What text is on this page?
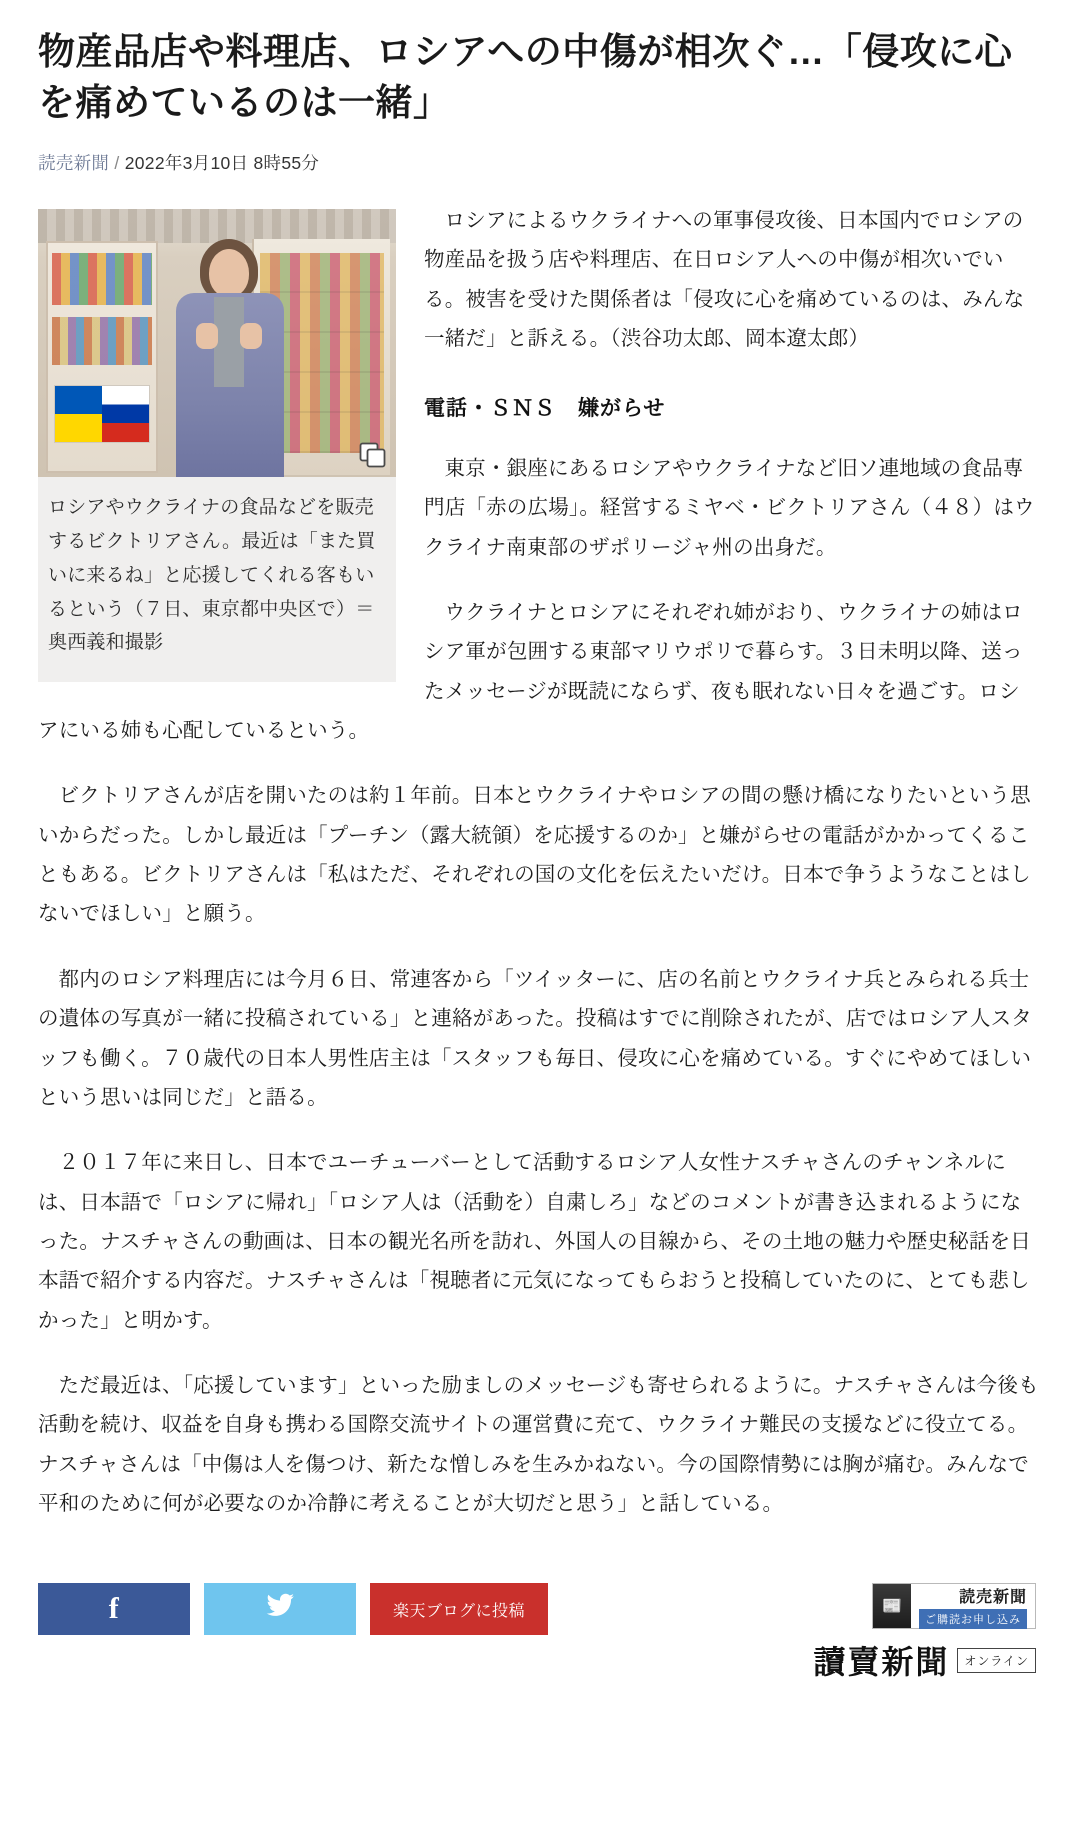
物産品店や料理店、ロシアへの中傷が相次ぐ…「侵攻に心を痛めているのは一緒」
読売新聞 / 2022年3月10日 8時55分
ロシアやウクライナの食品などを販売するビクトリアさん。最近は「また買いに来るね」と応援してくれる客もいるという（７日、東京都中央区で）＝奥西義和撮影

ロシアによるウクライナへの軍事侵攻後、日本国内でロシアの物産品を扱う店や料理店、在日ロシア人への中傷が相次いでいる。被害を受けた関係者は「侵攻に心を痛めているのは、みんな一緒だ」と訴える。（渋谷功太郎、岡本遼太郎）

電話・ＳＮＳ　嫌がらせ

東京・銀座にあるロシアやウクライナなど旧ソ連地域の食品専門店「赤の広場」。経営するミヤベ・ビクトリアさん（４８）はウクライナ南東部のザポリージャ州の出身だ。

ウクライナとロシアにそれぞれ姉がおり、ウクライナの姉はロシア軍が包囲する東部マリウポリで暮らす。３日未明以降、送ったメッセージが既読にならず、夜も眠れない日々を過ごす。ロシアにいる姉も心配しているという。

ビクトリアさんが店を開いたのは約１年前。日本とウクライナやロシアの間の懸け橋になりたいという思いからだった。しかし最近は「プーチン（露大統領）を応援するのか」と嫌がらせの電話がかかってくることもある。ビクトリアさんは「私はただ、それぞれの国の文化を伝えたいだけ。日本で争うようなことはしないでほしい」と願う。

都内のロシア料理店には今月６日、常連客から「ツイッターに、店の名前とウクライナ兵とみられる兵士の遺体の写真が一緒に投稿されている」と連絡があった。投稿はすでに削除されたが、店ではロシア人スタッフも働く。７０歳代の日本人男性店主は「スタッフも毎日、侵攻に心を痛めている。すぐにやめてほしいという思いは同じだ」と語る。

２０１７年に来日し、日本でユーチューバーとして活動するロシア人女性ナスチャさんのチャンネルには、日本語で「ロシアに帰れ」「ロシア人は（活動を）自粛しろ」などのコメントが書き込まれるようになった。ナスチャさんの動画は、日本の観光名所を訪れ、外国人の目線から、その土地の魅力や歴史秘話を日本語で紹介する内容だ。ナスチャさんは「視聴者に元気になってもらおうと投稿していたのに、とても悲しかった」と明かす。

ただ最近は、「応援しています」といった励ましのメッセージも寄せられるように。ナスチャさんは今後も活動を続け、収益を自身も携わる国際交流サイトの運営費に充て、ウクライナ難民の支援などに役立てる。ナスチャさんは「中傷は人を傷つけ、新たな憎しみを生みかねない。今の国際情勢には胸が痛む。みんなで平和のために何が必要なのか冷静に考えることが大切だと思う」と話している。

f	楽天ブログに投稿	📰
読売新聞
ご購読お申し込み
讀賣新聞	オンライン
